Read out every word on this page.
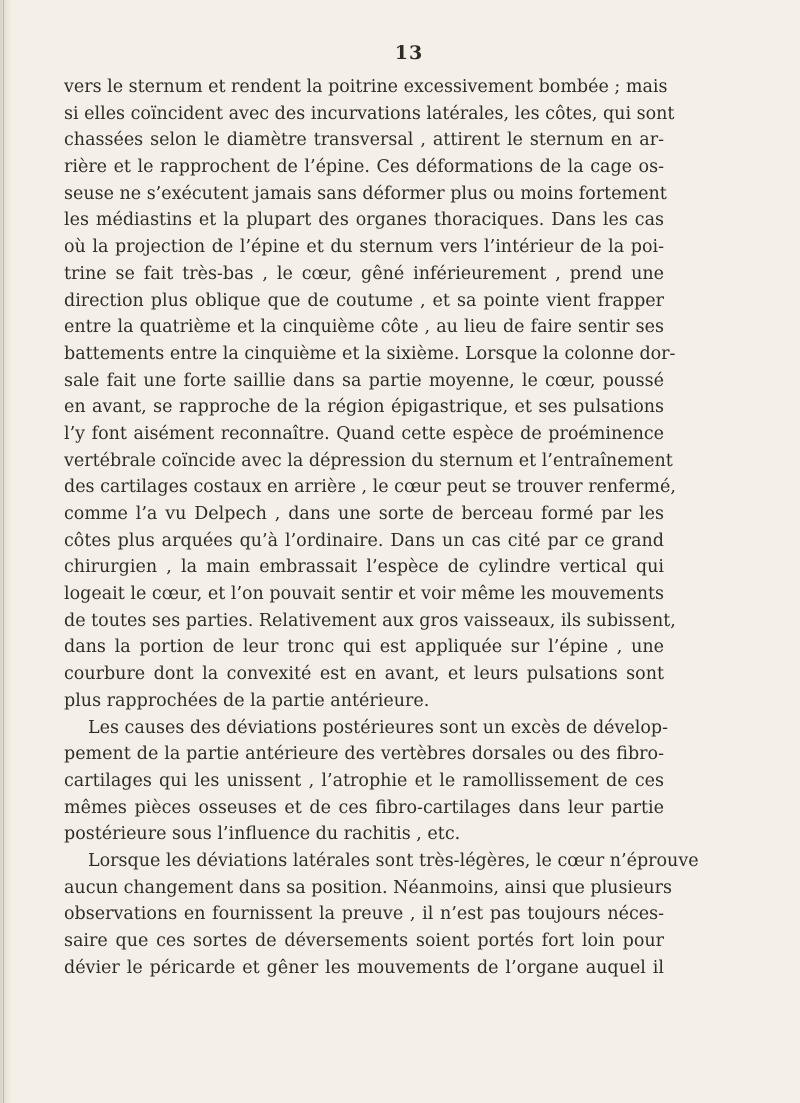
13
vers le sternum et rendent la poitrine excessivement bombée ; mais
si elles coïncident avec des incurvations latérales, les côtes, qui sont
chassées selon le diamètre transversal , attirent le sternum en ar-
rière et le rapprochent de l’épine. Ces déformations de la cage os-
seuse ne s’exécutent jamais sans déformer plus ou moins fortement
les médiastins et la plupart des organes thoraciques. Dans les cas
où la projection de l’épine et du sternum vers l’intérieur de la poi-
trine se fait très-bas , le cœur, gêné inférieurement , prend une
direction plus oblique que de coutume , et sa pointe vient frapper
entre la quatrième et la cinquième côte , au lieu de faire sentir ses
battements entre la cinquième et la sixième. Lorsque la colonne dor-
sale fait une forte saillie dans sa partie moyenne, le cœur, poussé
en avant, se rapproche de la région épigastrique, et ses pulsations
l’y font aisément reconnaître. Quand cette espèce de proéminence
vertébrale coïncide avec la dépression du sternum et l’entraînement
des cartilages costaux en arrière , le cœur peut se trouver renfermé,
comme l’a vu Delpech , dans une sorte de berceau formé par les
côtes plus arquées qu’à l’ordinaire. Dans un cas cité par ce grand
chirurgien , la main embrassait l’espèce de cylindre vertical qui
logeait le cœur, et l’on pouvait sentir et voir même les mouvements
de toutes ses parties. Relativement aux gros vaisseaux, ils subissent,
dans la portion de leur tronc qui est appliquée sur l’épine , une
courbure dont la convexité est en avant, et leurs pulsations sont
plus rapprochées de la partie antérieure.
Les causes des déviations postérieures sont un excès de dévelop-
pement de la partie antérieure des vertèbres dorsales ou des fibro-
cartilages qui les unissent , l’atrophie et le ramollissement de ces
mêmes pièces osseuses et de ces fibro-cartilages dans leur partie
postérieure sous l’influence du rachitis , etc.
Lorsque les déviations latérales sont très-légères, le cœur n’éprouve
aucun changement dans sa position. Néanmoins, ainsi que plusieurs
observations en fournissent la preuve , il n’est pas toujours néces-
saire que ces sortes de déversements soient portés fort loin pour
dévier le péricarde et gêner les mouvements de l’organe auquel il
